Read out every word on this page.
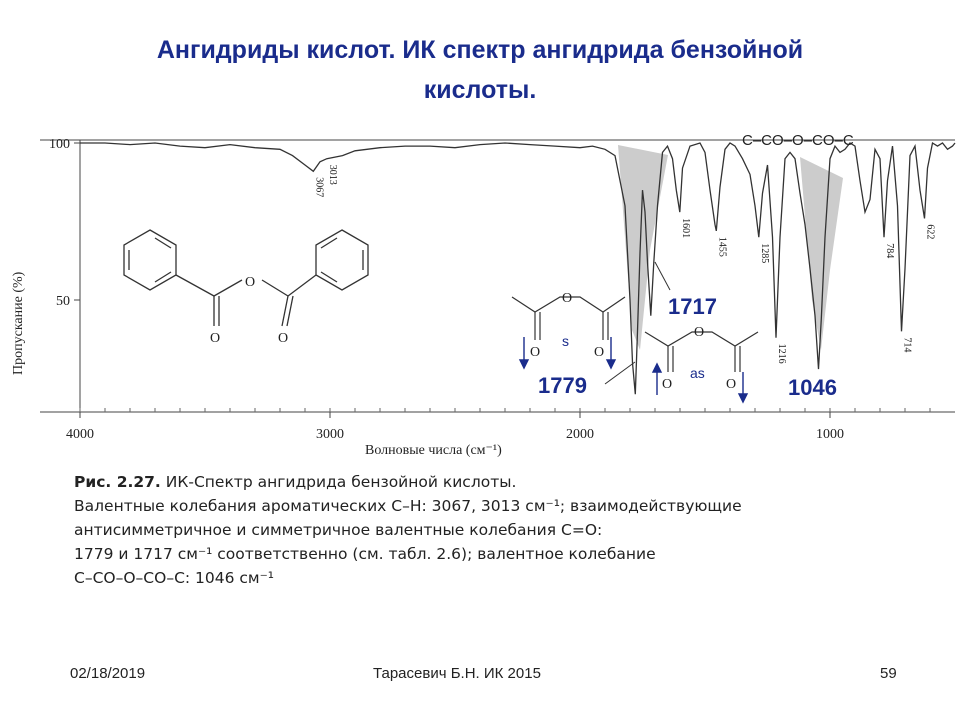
Ангидриды кислот. ИК спектр ангидрида бензойной
кислоты.
4000	3000	2000	1000
100
50
3067
3013
1601
1455	1285
1216
784
714
622
O
O	O
O
O	O
s
O
O	O
as
1779
1717
1046
C–CO–O–CO–C
Волновые числа (см⁻¹)
Пропускание (%)
Рис. 2.27. ИК-Спектр ангидрида бензойной кислоты.
Валентные колебания ароматических С–Н: 3067, 3013 см⁻¹; взаимодействующие
антисимметричное и симметричное валентные колебания С=О:
1779 и 1717 см⁻¹ соответственно (см. табл. 2.6); валентное колебание
С–СО–О–СО–С: 1046 см⁻¹
02/18/2019	Тарасевич Б.Н. ИК 2015	59
